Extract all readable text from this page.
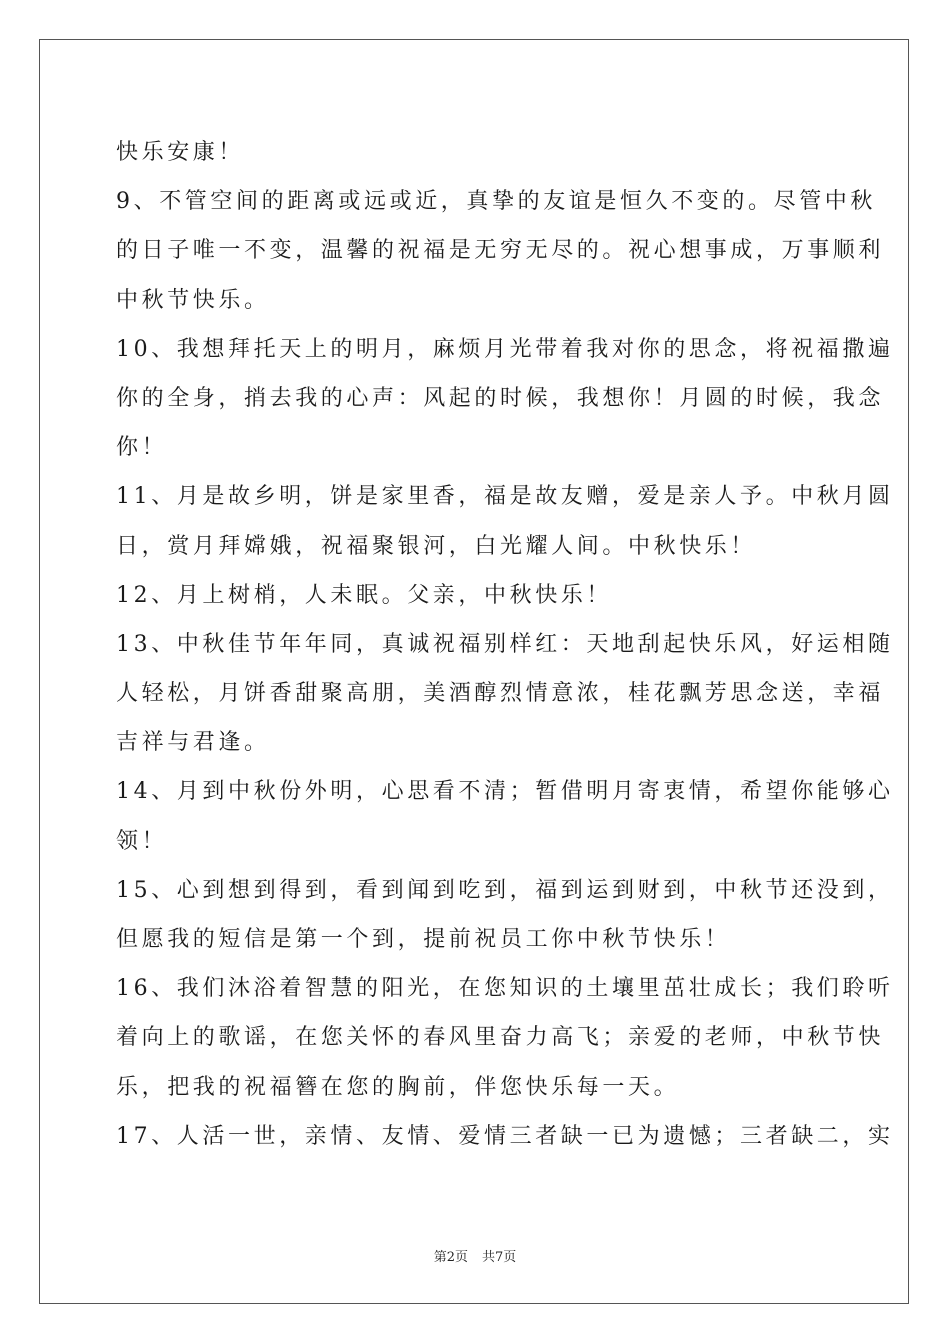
快乐安康！
9、不管空间的距离或远或近，真挚的友谊是恒久不变的。尽管中秋
的日子唯一不变，温馨的祝福是无穷无尽的。祝心想事成，万事顺利
中秋节快乐。
10、我想拜托天上的明月，麻烦月光带着我对你的思念，将祝福撒遍
你的全身，捎去我的心声：风起的时候，我想你！月圆的时候，我念
你！
11、月是故乡明，饼是家里香，福是故友赠，爱是亲人予。中秋月圆
日，赏月拜嫦娥，祝福聚银河，白光耀人间。中秋快乐！
12、月上树梢，人未眠。父亲，中秋快乐！
13、中秋佳节年年同，真诚祝福别样红：天地刮起快乐风，好运相随
人轻松，月饼香甜聚高朋，美酒醇烈情意浓，桂花飘芳思念送，幸福
吉祥与君逢。
14、月到中秋份外明，心思看不清；暂借明月寄衷情，希望你能够心
领！
15、心到想到得到，看到闻到吃到，福到运到财到，中秋节还没到，
但愿我的短信是第一个到，提前祝员工你中秋节快乐！
16、我们沐浴着智慧的阳光，在您知识的土壤里茁壮成长；我们聆听
着向上的歌谣，在您关怀的春风里奋力高飞；亲爱的老师，中秋节快
乐，把我的祝福簪在您的胸前，伴您快乐每一天。
17、人活一世，亲情、友情、爱情三者缺一已为遗憾；三者缺二，实
第2页 共7页
